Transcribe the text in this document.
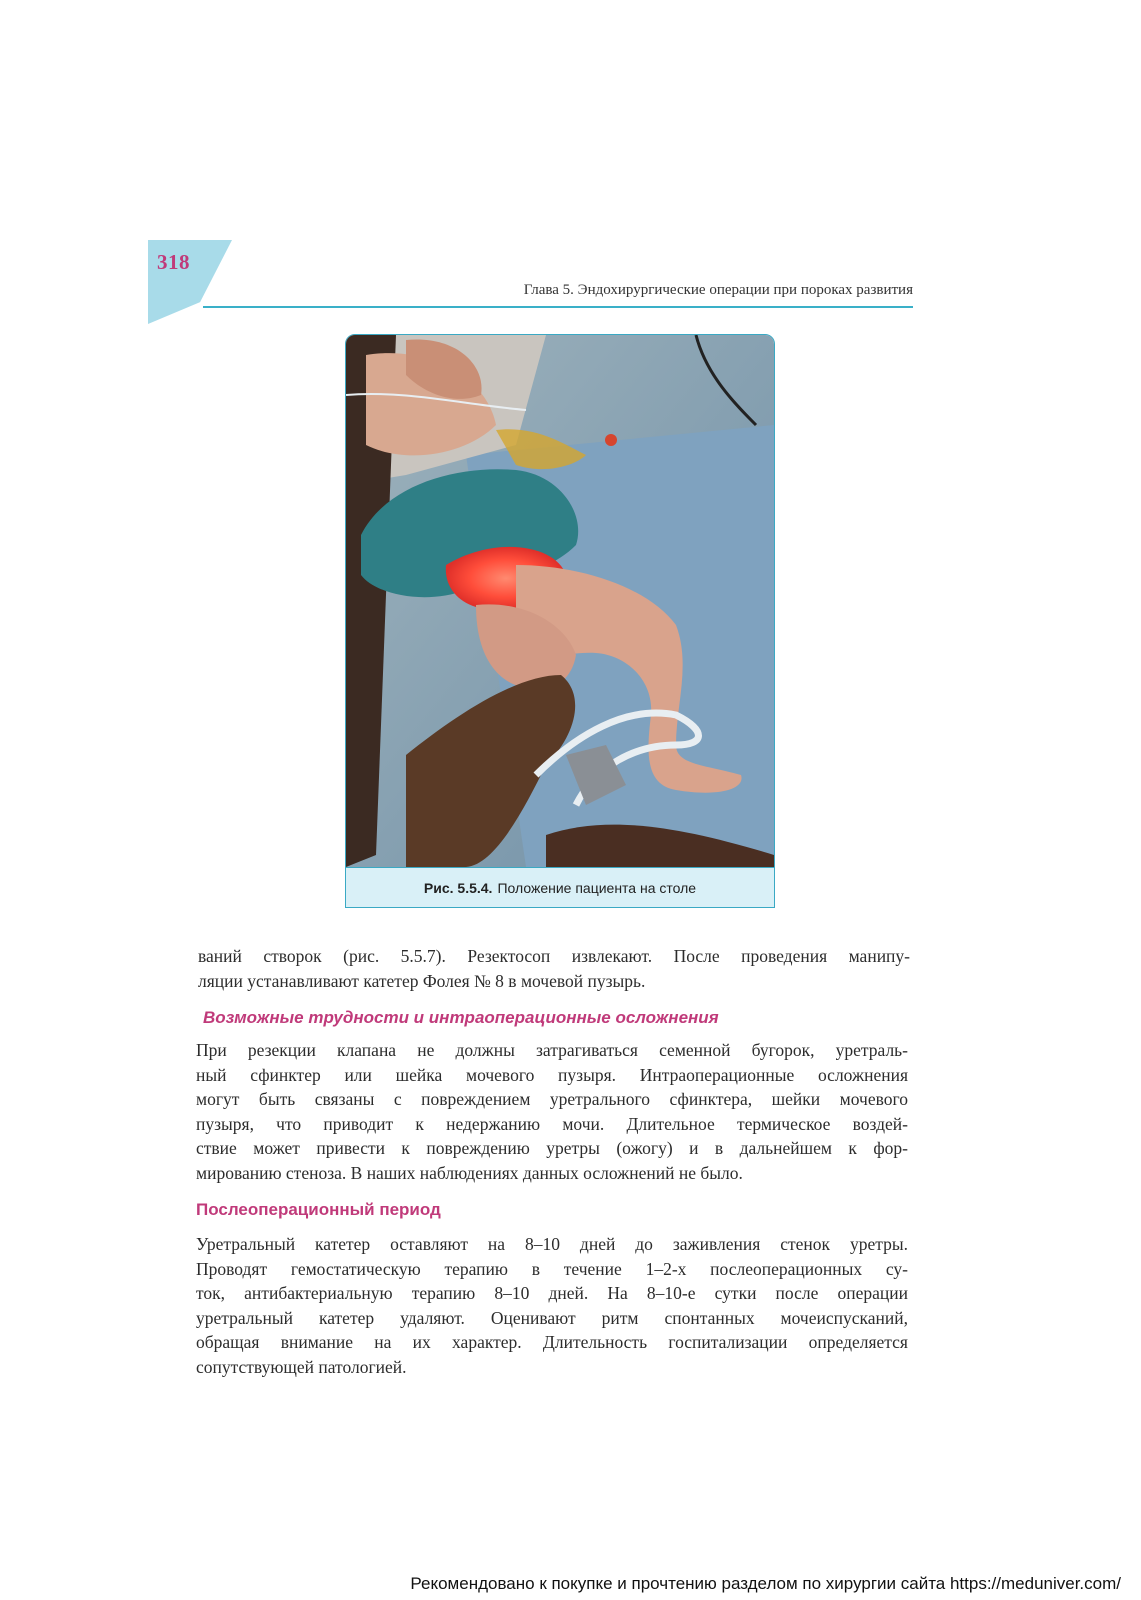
318
Глава 5. Эндохирургические операции при пороках развития
Рис. 5.5.4. Положение пациента на столе
ваний створок (рис. 5.5.7). Резектосоп извлекают. После проведения манипу-
ляции устанавливают катетер Фолея № 8 в мочевой пузырь.
Возможные трудности и интраоперационные осложнения
При резекции клапана не должны затрагиваться семенной бугорок, уретраль-
ный сфинктер или шейка мочевого пузыря. Интраоперационные осложнения
могут быть связаны с повреждением уретрального сфинктера, шейки мочевого
пузыря, что приводит к недержанию мочи. Длительное термическое воздей-
ствие может привести к повреждению уретры (ожогу) и в дальнейшем к фор-
мированию стеноза. В наших наблюдениях данных осложнений не было.
Послеоперационный период
Уретральный катетер оставляют на 8–10 дней до заживления стенок уретры.
Проводят гемостатическую терапию в течение 1–2-х послеоперационных су-
ток, антибактериальную терапию 8–10 дней. На 8–10-е сутки после операции
уретральный катетер удаляют. Оценивают ритм спонтанных мочеиспусканий,
обращая внимание на их характер. Длительность госпитализации определяется
сопутствующей патологией.
Рекомендовано к покупке и прочтению разделом по хирургии сайта https://meduniver.com/
